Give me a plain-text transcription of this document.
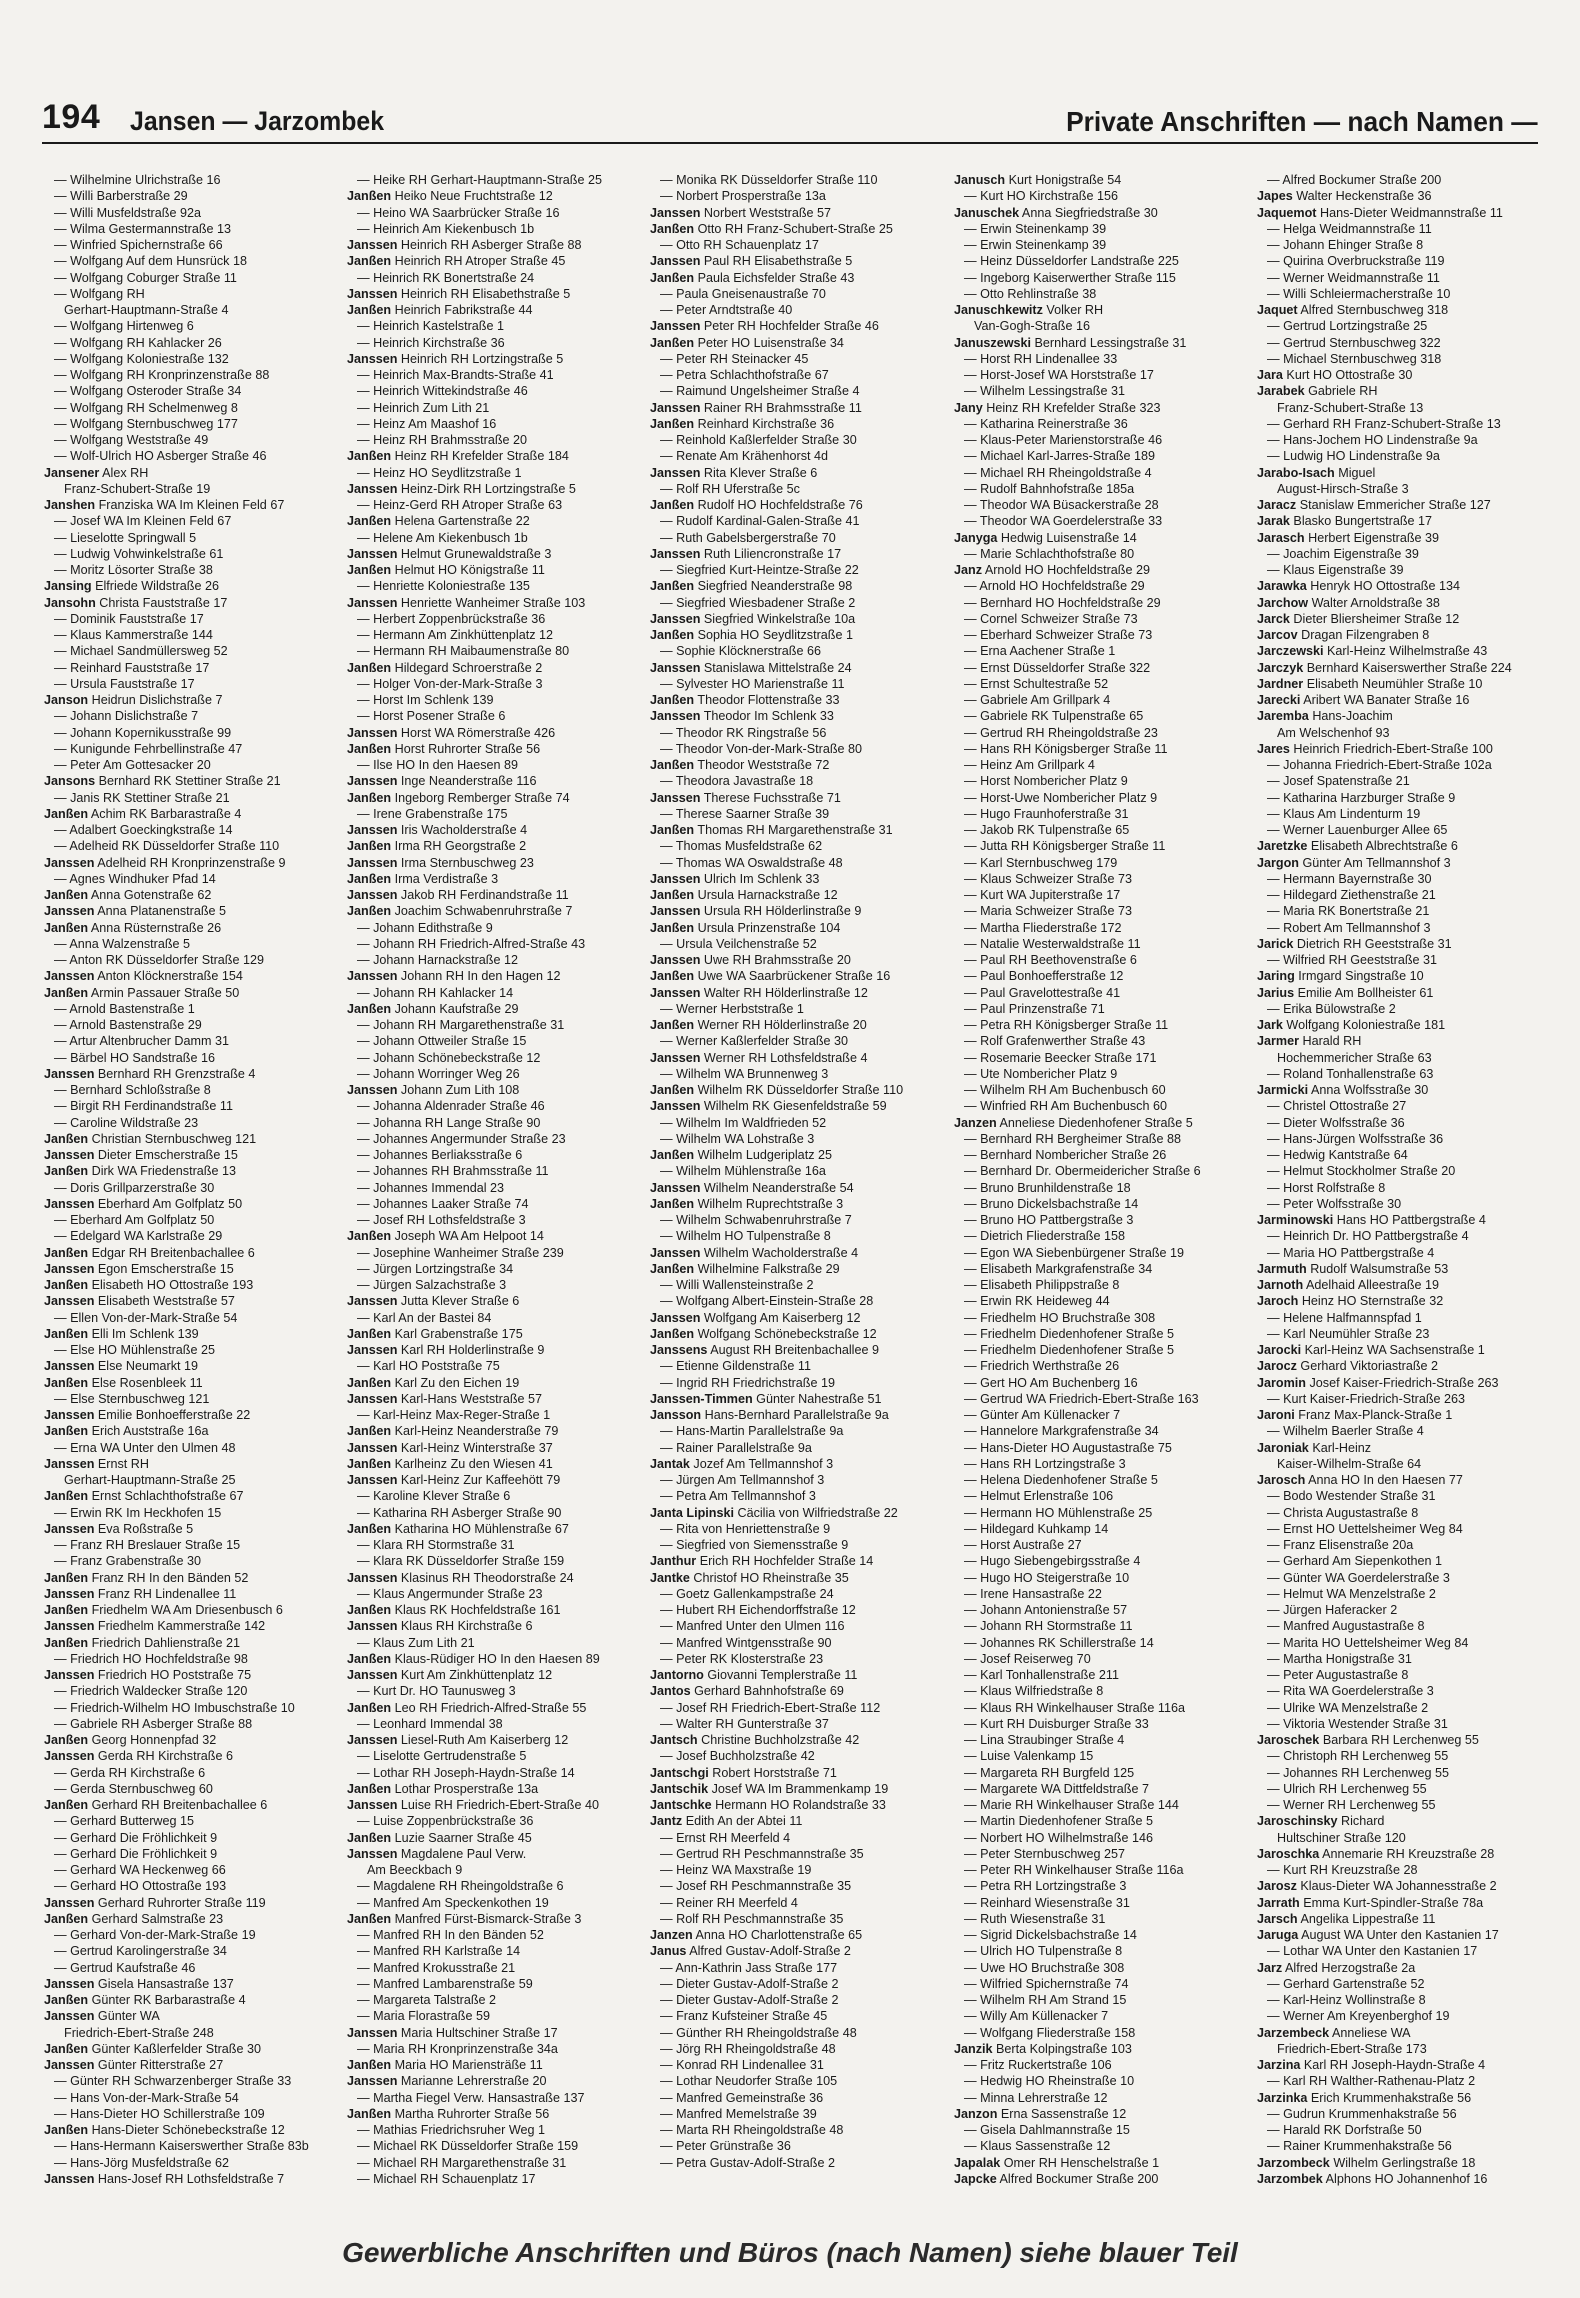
194 Jansen — Jarzombek	Private Anschriften — nach Namen —
— Wilhelmine Ulrichstraße 16
— Willi Barberstraße 29
— Willi Musfeldstraße 92a
— Wilma Gestermannstraße 13
— Winfried Spichernstraße 66
— Wolfgang Auf dem Hunsrück 18
— Wolfgang Coburger Straße 11
— Wolfgang RH
Gerhart-Hauptmann-Straße 4
— Wolfgang Hirtenweg 6
— Wolfgang RH Kahlacker 26
— Wolfgang Koloniestraße 132
— Wolfgang RH Kronprinzenstraße 88
— Wolfgang Osteroder Straße 34
— Wolfgang RH Schelmenweg 8
— Wolfgang Sternbuschweg 177
— Wolfgang Weststraße 49
— Wolf-Ulrich HO Asberger Straße 46
Jansener Alex RH
Franz-Schubert-Straße 19
Janshen Franziska WA Im Kleinen Feld 67
— Josef WA Im Kleinen Feld 67
— Lieselotte Springwall 5
— Ludwig Vohwinkelstraße 61
— Moritz Lösorter Straße 38
Jansing Elfriede Wildstraße 26
Jansohn Christa Fauststraße 17
— Dominik Fauststraße 17
— Klaus Kammerstraße 144
— Michael Sandmüllersweg 52
— Reinhard Fauststraße 17
— Ursula Fauststraße 17
Janson Heidrun Dislichstraße 7
— Johann Dislichstraße 7
— Johann Kopernikusstraße 99
— Kunigunde Fehrbellinstraße 47
— Peter Am Gottesacker 20
Jansons Bernhard RK Stettiner Straße 21
— Janis RK Stettiner Straße 21
Janßen Achim RK Barbarastraße 4
— Adalbert Goeckingkstraße 14
— Adelheid RK Düsseldorfer Straße 110
Janssen Adelheid RH Kronprinzenstraße 9
— Agnes Windhuker Pfad 14
Janßen Anna Gotenstraße 62
Janssen Anna Platanenstraße 5
Janßen Anna Rüsternstraße 26
— Anna Walzenstraße 5
— Anton RK Düsseldorfer Straße 129
Janssen Anton Klöcknerstraße 154
Janßen Armin Passauer Straße 50
— Arnold Bastenstraße 1
— Arnold Bastenstraße 29
— Artur Altenbrucher Damm 31
— Bärbel HO Sandstraße 16
Janssen Bernhard RH Grenzstraße 4
— Bernhard Schloßstraße 8
— Birgit RH Ferdinandstraße 11
— Caroline Wildstraße 23
Janßen Christian Sternbuschweg 121
Janssen Dieter Emscherstraße 15
Janßen Dirk WA Friedenstraße 13
— Doris Grillparzerstraße 30
Janssen Eberhard Am Golfplatz 50
— Eberhard Am Golfplatz 50
— Edelgard WA Karlstraße 29
Janßen Edgar RH Breitenbachallee 6
Janssen Egon Emscherstraße 15
Janßen Elisabeth HO Ottostraße 193
Janssen Elisabeth Weststraße 57
— Ellen Von-der-Mark-Straße 54
Janßen Elli Im Schlenk 139
— Else HO Mühlenstraße 25
Janssen Else Neumarkt 19
Janßen Else Rosenbleek 11
— Else Sternbuschweg 121
Janssen Emilie Bonhoefferstraße 22
Janßen Erich Auststraße 16a
— Erna WA Unter den Ulmen 48
Janssen Ernst RH
Gerhart-Hauptmann-Straße 25
Janßen Ernst Schlachthofstraße 67
— Erwin RK Im Heckhofen 15
Janssen Eva Roßstraße 5
— Franz RH Breslauer Straße 15
— Franz Grabenstraße 30
Janßen Franz RH In den Bänden 52
Janssen Franz RH Lindenallee 11
Janßen Friedhelm WA Am Driesenbusch 6
Janssen Friedhelm Kammerstraße 142
Janßen Friedrich Dahlienstraße 21
— Friedrich HO Hochfeldstraße 98
Janssen Friedrich HO Poststraße 75
— Friedrich Waldecker Straße 120
— Friedrich-Wilhelm HO Imbuschstraße 10
— Gabriele RH Asberger Straße 88
Janßen Georg Honnenpfad 32
Janssen Gerda RH Kirchstraße 6
— Gerda RH Kirchstraße 6
— Gerda Sternbuschweg 60
Janßen Gerhard RH Breitenbachallee 6
— Gerhard Butterweg 15
— Gerhard Die Fröhlichkeit 9
— Gerhard Die Fröhlichkeit 9
— Gerhard WA Heckenweg 66
— Gerhard HO Ottostraße 193
Janssen Gerhard Ruhrorter Straße 119
Janßen Gerhard Salmstraße 23
— Gerhard Von-der-Mark-Straße 19
— Gertrud Karolingerstraße 34
— Gertrud Kaufstraße 46
Janssen Gisela Hansastraße 137
Janßen Günter RK Barbarastraße 4
Janssen Günter WA
Friedrich-Ebert-Straße 248
Janßen Günter Kaßlerfelder Straße 30
Janssen Günter Ritterstraße 27
— Günter RH Schwarzenberger Straße 33
— Hans Von-der-Mark-Straße 54
— Hans-Dieter HO Schillerstraße 109
Janßen Hans-Dieter Schönebeckstraße 12
— Hans-Hermann Kaiserswerther Straße 83b
— Hans-Jörg Musfeldstraße 62
Janssen Hans-Josef RH Lothsfeldstraße 7
— Heike RH Gerhart-Hauptmann-Straße 25
Janßen Heiko Neue Fruchtstraße 12
— Heino WA Saarbrücker Straße 16
— Heinrich Am Kiekenbusch 1b
Janssen Heinrich RH Asberger Straße 88
Janßen Heinrich RH Atroper Straße 45
— Heinrich RK Bonertstraße 24
Janssen Heinrich RH Elisabethstraße 5
Janßen Heinrich Fabrikstraße 44
— Heinrich Kastelstraße 1
— Heinrich Kirchstraße 36
Janssen Heinrich RH Lortzingstraße 5
— Heinrich Max-Brandts-Straße 41
— Heinrich Wittekindstraße 46
— Heinrich Zum Lith 21
— Heinz Am Maashof 16
— Heinz RH Brahmsstraße 20
Janßen Heinz RH Krefelder Straße 184
— Heinz HO Seydlitzstraße 1
Janssen Heinz-Dirk RH Lortzingstraße 5
— Heinz-Gerd RH Atroper Straße 63
Janßen Helena Gartenstraße 22
— Helene Am Kiekenbusch 1b
Janssen Helmut Grunewaldstraße 3
Janßen Helmut HO Königstraße 11
— Henriette Koloniestraße 135
Janssen Henriette Wanheimer Straße 103
— Herbert Zoppenbrückstraße 36
— Hermann Am Zinkhüttenplatz 12
— Hermann RH Maibaumenstraße 80
Janßen Hildegard Schroerstraße 2
— Holger Von-der-Mark-Straße 3
— Horst Im Schlenk 139
— Horst Posener Straße 6
Janssen Horst WA Römerstraße 426
Janßen Horst Ruhrorter Straße 56
— Ilse HO In den Haesen 89
Janssen Inge Neanderstraße 116
Janßen Ingeborg Remberger Straße 74
— Irene Grabenstraße 175
Janssen Iris Wacholderstraße 4
Janßen Irma RH Georgstraße 2
Janssen Irma Sternbuschweg 23
Janßen Irma Verdistraße 3
Janssen Jakob RH Ferdinandstraße 11
Janßen Joachim Schwabenruhrstraße 7
— Johann Edithstraße 9
— Johann RH Friedrich-Alfred-Straße 43
— Johann Harnackstraße 12
Janssen Johann RH In den Hagen 12
— Johann RH Kahlacker 14
Janßen Johann Kaufstraße 29
— Johann RH Margarethenstraße 31
— Johann Ottweiler Straße 15
— Johann Schönebeckstraße 12
— Johann Worringer Weg 26
Janssen Johann Zum Lith 108
— Johanna Aldenrader Straße 46
— Johanna RH Lange Straße 90
— Johannes Angermunder Straße 23
— Johannes Berliaksstraße 6
— Johannes RH Brahmsstraße 11
— Johannes Immendal 23
— Johannes Laaker Straße 74
— Josef RH Lothsfeldstraße 3
Janßen Joseph WA Am Helpoot 14
— Josephine Wanheimer Straße 239
— Jürgen Lortzingstraße 34
— Jürgen Salzachstraße 3
Janssen Jutta Klever Straße 6
— Karl An der Bastei 84
Janßen Karl Grabenstraße 175
Janssen Karl RH Holderlinstraße 9
— Karl HO Poststraße 75
Janßen Karl Zu den Eichen 19
Janssen Karl-Hans Weststraße 57
— Karl-Heinz Max-Reger-Straße 1
Janßen Karl-Heinz Neanderstraße 79
Janssen Karl-Heinz Winterstraße 37
Janßen Karlheinz Zu den Wiesen 41
Janssen Karl-Heinz Zur Kaffeehött 79
— Karoline Klever Straße 6
— Katharina RH Asberger Straße 90
Janßen Katharina HO Mühlenstraße 67
— Klara RH Stormstraße 31
— Klara RK Düsseldorfer Straße 159
Janssen Klasinus RH Theodorstraße 24
— Klaus Angermunder Straße 23
Janßen Klaus RK Hochfeldstraße 161
Janssen Klaus RH Kirchstraße 6
— Klaus Zum Lith 21
Janßen Klaus-Rüdiger HO In den Haesen 89
Janssen Kurt Am Zinkhüttenplatz 12
— Kurt Dr. HO Taunusweg 3
Janßen Leo RH Friedrich-Alfred-Straße 55
— Leonhard Immendal 38
Janssen Liesel-Ruth Am Kaiserberg 12
— Liselotte Gertrudenstraße 5
— Lothar RH Joseph-Haydn-Straße 14
Janßen Lothar Prosperstraße 13a
Janssen Luise RH Friedrich-Ebert-Straße 40
— Luise Zoppenbrückstraße 36
Janßen Luzie Saarner Straße 45
Janssen Magdalene Paul Verw.
Am Beeckbach 9
— Magdalene RH Rheingoldstraße 6
— Manfred Am Speckenkothen 19
Janßen Manfred Fürst-Bismarck-Straße 3
— Manfred RH In den Bänden 52
— Manfred RH Karlstraße 14
— Manfred Krokusstraße 21
— Manfred Lambarenstraße 59
— Margareta Talstraße 2
— Maria Florastraße 59
Janssen Maria Hultschiner Straße 17
— Maria RH Kronprinzenstraße 34a
Janßen Maria HO Mariensträße 11
Janssen Marianne Lehrerstraße 20
— Martha Fiegel Verw. Hansastraße 137
Janßen Martha Ruhrorter Straße 56
— Mathias Friedrichsruher Weg 1
— Michael RK Düsseldorfer Straße 159
— Michael RH Margarethenstraße 31
— Michael RH Schauenplatz 17
— Monika RK Düsseldorfer Straße 110
— Norbert Prosperstraße 13a
Janssen Norbert Weststraße 57
Janßen Otto RH Franz-Schubert-Straße 25
— Otto RH Schauenplatz 17
Janssen Paul RH Elisabethstraße 5
Janßen Paula Eichsfelder Straße 43
— Paula Gneisenaustraße 70
— Peter Arndtstraße 40
Janssen Peter RH Hochfelder Straße 46
Janßen Peter HO Luisenstraße 34
— Peter RH Steinacker 45
— Petra Schlachthofstraße 67
— Raimund Ungelsheimer Straße 4
Janssen Rainer RH Brahmsstraße 11
Janßen Reinhard Kirchstraße 36
— Reinhold Kaßlerfelder Straße 30
— Renate Am Krähenhorst 4d
Janssen Rita Klever Straße 6
— Rolf RH Uferstraße 5c
Janßen Rudolf HO Hochfeldstraße 76
— Rudolf Kardinal-Galen-Straße 41
— Ruth Gabelsbergerstraße 70
Janssen Ruth Liliencronstraße 17
— Siegfried Kurt-Heintze-Straße 22
Janßen Siegfried Neanderstraße 98
— Siegfried Wiesbadener Straße 2
Janssen Siegfried Winkelstraße 10a
Janßen Sophia HO Seydlitzstraße 1
— Sophie Klöcknerstraße 66
Janssen Stanislawa Mittelstraße 24
— Sylvester HO Marienstraße 11
Janßen Theodor Flottenstraße 33
Janssen Theodor Im Schlenk 33
— Theodor RK Ringstraße 56
— Theodor Von-der-Mark-Straße 80
Janßen Theodor Weststraße 72
— Theodora Javastraße 18
Janssen Therese Fuchsstraße 71
— Therese Saarner Straße 39
Janßen Thomas RH Margarethenstraße 31
— Thomas Musfeldstraße 62
— Thomas WA Oswaldstraße 48
Janssen Ulrich Im Schlenk 33
Janßen Ursula Harnackstraße 12
Janssen Ursula RH Hölderlinstraße 9
Janßen Ursula Prinzenstraße 104
— Ursula Veilchenstraße 52
Janssen Uwe RH Brahmsstraße 20
Janßen Uwe WA Saarbrückener Straße 16
Janssen Walter RH Hölderlinstraße 12
— Werner Herbststraße 1
Janßen Werner RH Hölderlinstraße 20
— Werner Kaßlerfelder Straße 30
Janssen Werner RH Lothsfeldstraße 4
— Wilhelm WA Brunnenweg 3
Janßen Wilhelm RK Düsseldorfer Straße 110
Janssen Wilhelm RK Giesenfeldstraße 59
— Wilhelm Im Waldfrieden 52
— Wilhelm WA Lohstraße 3
Janßen Wilhelm Ludgeriplatz 25
— Wilhelm Mühlenstraße 16a
Janssen Wilhelm Neanderstraße 54
Janßen Wilhelm Ruprechtstraße 3
— Wilhelm Schwabenruhrstraße 7
— Wilhelm HO Tulpenstraße 8
Janssen Wilhelm Wacholderstraße 4
Janßen Wilhelmine Falkstraße 29
— Willi Wallensteinstraße 2
— Wolfgang Albert-Einstein-Straße 28
Janssen Wolfgang Am Kaiserberg 12
Janßen Wolfgang Schönebeckstraße 12
Janssens August RH Breitenbachallee 9
— Etienne Gildenstraße 11
— Ingrid RH Friedrichstraße 19
Janssen-Timmen Günter Nahestraße 51
Jansson Hans-Bernhard Parallelstraße 9a
— Hans-Martin Parallelstraße 9a
— Rainer Parallelstraße 9a
Jantak Jozef Am Tellmannshof 3
— Jürgen Am Tellmannshof 3
— Petra Am Tellmannshof 3
Janta Lipinski Cäcilia von Wilfriedstraße 22
— Rita von Henriettenstraße 9
— Siegfried von Siemensstraße 9
Janthur Erich RH Hochfelder Straße 14
Jantke Christof HO Rheinstraße 35
— Goetz Gallenkampstraße 24
— Hubert RH Eichendorffstraße 12
— Manfred Unter den Ulmen 116
— Manfred Wintgensstraße 90
— Peter RK Klosterstraße 23
Jantorno Giovanni Templerstraße 11
Jantos Gerhard Bahnhofstraße 69
— Josef RH Friedrich-Ebert-Straße 112
— Walter RH Gunterstraße 37
Jantsch Christine Buchholzstraße 42
— Josef Buchholzstraße 42
Jantschgi Robert Horststraße 71
Jantschik Josef WA Im Brammenkamp 19
Jantschke Hermann HO Rolandstraße 33
Jantz Edith An der Abtei 11
— Ernst RH Meerfeld 4
— Gertrud RH Peschmannstraße 35
— Heinz WA Maxstraße 19
— Josef RH Peschmannstraße 35
— Reiner RH Meerfeld 4
— Rolf RH Peschmannstraße 35
Janzen Anna HO Charlottenstraße 65
Janus Alfred Gustav-Adolf-Straße 2
— Ann-Kathrin Jass Straße 177
— Dieter Gustav-Adolf-Straße 2
— Dieter Gustav-Adolf-Straße 2
— Franz Kufsteiner Straße 45
— Günther RH Rheingoldstraße 48
— Jörg RH Rheingoldstraße 48
— Konrad RH Lindenallee 31
— Lothar Neudorfer Straße 105
— Manfred Gemeinstraße 36
— Manfred Memelstraße 39
— Marta RH Rheingoldstraße 48
— Peter Grünstraße 36
— Petra Gustav-Adolf-Straße 2
Janusch Kurt Honigstraße 54
— Kurt HO Kirchstraße 156
Januschek Anna Siegfriedstraße 30
— Erwin Steinenkamp 39
— Erwin Steinenkamp 39
— Heinz Düsseldorfer Landstraße 225
— Ingeborg Kaiserwerther Straße 115
— Otto Rehlinstraße 38
Januschkewitz Volker RH
Van-Gogh-Straße 16
Januszewski Bernhard Lessingstraße 31
— Horst RH Lindenallee 33
— Horst-Josef WA Horststraße 17
— Wilhelm Lessingstraße 31
Jany Heinz RH Krefelder Straße 323
— Katharina Reinerstraße 36
— Klaus-Peter Marienstorstraße 46
— Michael Karl-Jarres-Straße 189
— Michael RH Rheingoldstraße 4
— Rudolf Bahnhofstraße 185a
— Theodor WA Büsackerstraße 28
— Theodor WA Goerdelerstraße 33
Janyga Hedwig Luisenstraße 14
— Marie Schlachthofstraße 80
Janz Arnold HO Hochfeldstraße 29
— Arnold HO Hochfeldstraße 29
— Bernhard HO Hochfeldstraße 29
— Cornel Schweizer Straße 73
— Eberhard Schweizer Straße 73
— Erna Aachener Straße 1
— Ernst Düsseldorfer Straße 322
— Ernst Schultestraße 52
— Gabriele Am Grillpark 4
— Gabriele RK Tulpenstraße 65
— Gertrud RH Rheingoldstraße 23
— Hans RH Königsberger Straße 11
— Heinz Am Grillpark 4
— Horst Nombericher Platz 9
— Horst-Uwe Nombericher Platz 9
— Hugo Fraunhoferstraße 31
— Jakob RK Tulpenstraße 65
— Jutta RH Königsberger Straße 11
— Karl Sternbuschweg 179
— Klaus Schweizer Straße 73
— Kurt WA Jupiterstraße 17
— Maria Schweizer Straße 73
— Martha Fliederstraße 172
— Natalie Westerwaldstraße 11
— Paul RH Beethovenstraße 6
— Paul Bonhoefferstraße 12
— Paul Gravelottestraße 41
— Paul Prinzenstraße 71
— Petra RH Königsberger Straße 11
— Rolf Grafenwerther Straße 43
— Rosemarie Beecker Straße 171
— Ute Nombericher Platz 9
— Wilhelm RH Am Buchenbusch 60
— Winfried RH Am Buchenbusch 60
Janzen Anneliese Diedenhofener Straße 5
— Bernhard RH Bergheimer Straße 88
— Bernhard Nombericher Straße 26
— Bernhard Dr. Obermeidericher Straße 6
— Bruno Brunhildenstraße 18
— Bruno Dickelsbachstraße 14
— Bruno HO Pattbergstraße 3
— Dietrich Fliederstraße 158
— Egon WA Siebenbürgener Straße 19
— Elisabeth Markgrafenstraße 34
— Elisabeth Philippstraße 8
— Erwin RK Heideweg 44
— Friedhelm HO Bruchstraße 308
— Friedhelm Diedenhofener Straße 5
— Friedhelm Diedenhofener Straße 5
— Friedrich Werthstraße 26
— Gert HO Am Buchenberg 16
— Gertrud WA Friedrich-Ebert-Straße 163
— Günter Am Küllenacker 7
— Hannelore Markgrafenstraße 34
— Hans-Dieter HO Augustastraße 75
— Hans RH Lortzingstraße 3
— Helena Diedenhofener Straße 5
— Helmut Erlenstraße 106
— Hermann HO Mühlenstraße 25
— Hildegard Kuhkamp 14
— Horst Austraße 27
— Hugo Siebengebirgsstraße 4
— Hugo HO Steigerstraße 10
— Irene Hansastraße 22
— Johann Antonienstraße 57
— Johann RH Stormstraße 11
— Johannes RK Schillerstraße 14
— Josef Reiserweg 70
— Karl Tonhallenstraße 211
— Klaus Wilfriedstraße 8
— Klaus RH Winkelhauser Straße 116a
— Kurt RH Duisburger Straße 33
— Lina Straubinger Straße 4
— Luise Valenkamp 15
— Margareta RH Burgfeld 125
— Margarete WA Dittfeldstraße 7
— Marie RH Winkelhauser Straße 144
— Martin Diedenhofener Straße 5
— Norbert HO Wilhelmstraße 146
— Peter Sternbuschweg 257
— Peter RH Winkelhauser Straße 116a
— Petra RH Lortzingstraße 3
— Reinhard Wiesenstraße 31
— Ruth Wiesenstraße 31
— Sigrid Dickelsbachstraße 14
— Ulrich HO Tulpenstraße 8
— Uwe HO Bruchstraße 308
— Wilfried Spichernstraße 74
— Wilhelm RH Am Strand 15
— Willy Am Küllenacker 7
— Wolfgang Fliederstraße 158
Janzik Berta Kolpingstraße 103
— Fritz Ruckertstraße 106
— Hedwig HO Rheinstraße 10
— Minna Lehrerstraße 12
Janzon Erna Sassenstraße 12
— Gisela Dahlmannstraße 15
— Klaus Sassenstraße 12
Japalak Omer RH Henschelstraße 1
Japcke Alfred Bockumer Straße 200
— Alfred Bockumer Straße 200
Japes Walter Heckenstraße 36
Jaquemot Hans-Dieter Weidmannstraße 11
— Helga Weidmannstraße 11
— Johann Ehinger Straße 8
— Quirina Overbruckstraße 119
— Werner Weidmannstraße 11
— Willi Schleiermacherstraße 10
Jaquet Alfred Sternbuschweg 318
— Gertrud Lortzingstraße 25
— Gertrud Sternbuschweg 322
— Michael Sternbuschweg 318
Jara Kurt HO Ottostraße 30
Jarabek Gabriele RH
Franz-Schubert-Straße 13
— Gerhard RH Franz-Schubert-Straße 13
— Hans-Jochem HO Lindenstraße 9a
— Ludwig HO Lindenstraße 9a
Jarabo-Isach Miguel
August-Hirsch-Straße 3
Jaracz Stanislaw Emmericher Straße 127
Jarak Blasko Bungertstraße 17
Jarasch Herbert Eigenstraße 39
— Joachim Eigenstraße 39
— Klaus Eigenstraße 39
Jarawka Henryk HO Ottostraße 134
Jarchow Walter Arnoldstraße 38
Jarck Dieter Bliersheimer Straße 12
Jarcov Dragan Filzengraben 8
Jarczewski Karl-Heinz Wilhelmstraße 43
Jarczyk Bernhard Kaiserswerther Straße 224
Jardner Elisabeth Neumühler Straße 10
Jarecki Aribert WA Banater Straße 16
Jaremba Hans-Joachim
Am Welschenhof 93
Jares Heinrich Friedrich-Ebert-Straße 100
— Johanna Friedrich-Ebert-Straße 102a
— Josef Spatenstraße 21
— Katharina Harzburger Straße 9
— Klaus Am Lindenturm 19
— Werner Lauenburger Allee 65
Jaretzke Elisabeth Albrechtstraße 6
Jargon Günter Am Tellmannshof 3
— Hermann Bayernstraße 30
— Hildegard Ziethenstraße 21
— Maria RK Bonertstraße 21
— Robert Am Tellmannshof 3
Jarick Dietrich RH Geeststraße 31
— Wilfried RH Geeststraße 31
Jaring Irmgard Singstraße 10
Jarius Emilie Am Bollheister 61
— Erika Bülowstraße 2
Jark Wolfgang Koloniestraße 181
Jarmer Harald RH
Hochemmericher Straße 63
— Roland Tonhallenstraße 63
Jarmicki Anna Wolfsstraße 30
— Christel Ottostraße 27
— Dieter Wolfsstraße 36
— Hans-Jürgen Wolfsstraße 36
— Hedwig Kantstraße 64
— Helmut Stockholmer Straße 20
— Horst Rolfstraße 8
— Peter Wolfsstraße 30
Jarminowski Hans HO Pattbergstraße 4
— Heinrich Dr. HO Pattbergstraße 4
— Maria HO Pattbergstraße 4
Jarmuth Rudolf Walsumstraße 53
Jarnoth Adelhaid Alleestraße 19
Jaroch Heinz HO Sternstraße 32
— Helene Halfmannspfad 1
— Karl Neumühler Straße 23
Jarocki Karl-Heinz WA Sachsenstraße 1
Jarocz Gerhard Viktoriastraße 2
Jaromin Josef Kaiser-Friedrich-Straße 263
— Kurt Kaiser-Friedrich-Straße 263
Jaroni Franz Max-Planck-Straße 1
— Wilhelm Baerler Straße 4
Jaroniak Karl-Heinz
Kaiser-Wilhelm-Straße 64
Jarosch Anna HO In den Haesen 77
— Bodo Westender Straße 31
— Christa Augustastraße 8
— Ernst HO Uettelsheimer Weg 84
— Franz Elisenstraße 20a
— Gerhard Am Siepenkothen 1
— Günter WA Goerdelerstraße 3
— Helmut WA Menzelstraße 2
— Jürgen Haferacker 2
— Manfred Augustastraße 8
— Marita HO Uettelsheimer Weg 84
— Martha Honigstraße 31
— Peter Augustastraße 8
— Rita WA Goerdelerstraße 3
— Ulrike WA Menzelstraße 2
— Viktoria Westender Straße 31
Jaroschek Barbara RH Lerchenweg 55
— Christoph RH Lerchenweg 55
— Johannes RH Lerchenweg 55
— Ulrich RH Lerchenweg 55
— Werner RH Lerchenweg 55
Jaroschinsky Richard
Hultschiner Straße 120
Jaroschka Annemarie RH Kreuzstraße 28
— Kurt RH Kreuzstraße 28
Jarosz Klaus-Dieter WA Johannesstraße 2
Jarrath Emma Kurt-Spindler-Straße 78a
Jarsch Angelika Lippestraße 11
Jaruga August WA Unter den Kastanien 17
— Lothar WA Unter den Kastanien 17
Jarz Alfred Herzogstraße 2a
— Gerhard Gartenstraße 52
— Karl-Heinz Wollinstraße 8
— Werner Am Kreyenberghof 19
Jarzembeck Anneliese WA
Friedrich-Ebert-Straße 173
Jarzina Karl RH Joseph-Haydn-Straße 4
— Karl RH Walther-Rathenau-Platz 2
Jarzinka Erich Krummenhakstraße 56
— Gudrun Krummenhakstraße 56
— Harald RK Dorfstraße 50
— Rainer Krummenhakstraße 56
Jarzombeck Wilhelm Gerlingstraße 18
Jarzombek Alphons HO Johannenhof 16
Gewerbliche Anschriften und Büros (nach Namen) siehe blauer Teil
